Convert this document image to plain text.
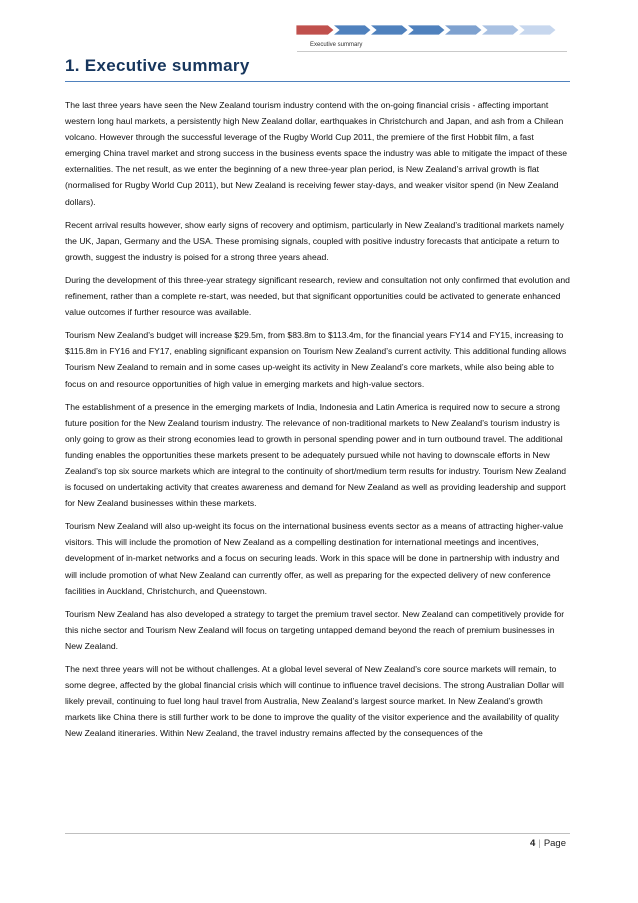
Executive summary
1. Executive summary

The last three years have seen the New Zealand tourism industry contend with the on-going financial crisis - affecting important western long haul markets, a persistently high New Zealand dollar, earthquakes in Christchurch and Japan, and ash from a Chilean volcano. However through the successful leverage of the Rugby World Cup 2011, the premiere of the first Hobbit film, a fast emerging China travel market and strong success in the business events space the industry was able to mitigate the impact of these externalities. The net result, as we enter the beginning of a new three-year plan period, is New Zealand’s arrival growth is flat (normalised for Rugby World Cup 2011), but New Zealand is receiving fewer stay-days, and weaker visitor spend (in New Zealand dollars).

Recent arrival results however, show early signs of recovery and optimism, particularly in New Zealand’s traditional markets namely the UK, Japan, Germany and the USA. These promising signals, coupled with positive industry forecasts that anticipate a return to growth, suggest the industry is poised for a strong three years ahead.

During the development of this three-year strategy significant research, review and consultation not only confirmed that evolution and refinement, rather than a complete re-start, was needed, but that significant opportunities could be activated to generate enhanced value outcomes if further resource was available.

Tourism New Zealand’s budget will increase $29.5m, from $83.8m to $113.4m, for the financial years FY14 and FY15, increasing to $115.8m in FY16 and FY17, enabling significant expansion on Tourism New Zealand’s current activity. This additional funding allows Tourism New Zealand to remain and in some cases up-weight its activity in New Zealand’s core markets, while also being able to focus on and resource opportunities of high value in emerging markets and high-value sectors.

The establishment of a presence in the emerging markets of India, Indonesia and Latin America is required now to secure a strong future position for the New Zealand tourism industry. The relevance of non-traditional markets to New Zealand’s tourism industry is only going to grow as their strong economies lead to growth in personal spending power and in turn outbound travel. The additional funding enables the opportunities these markets present to be adequately pursued while not having to downscale efforts in New Zealand’s top six source markets which are integral to the continuity of short/medium term results for industry. Tourism New Zealand is focused on undertaking activity that creates awareness and demand for New Zealand as well as providing leadership and support for New Zealand businesses within these markets.

Tourism New Zealand will also up-weight its focus on the international business events sector as a means of attracting higher-value visitors. This will include the promotion of New Zealand as a compelling destination for international meetings and incentives, development of in-market networks and a focus on securing leads. Work in this space will be done in partnership with industry and will include promotion of what New Zealand can currently offer, as well as preparing for the expected delivery of new conference facilities in Auckland, Christchurch, and Queenstown.

Tourism New Zealand has also developed a strategy to target the premium travel sector. New Zealand can competitively provide for this niche sector and Tourism New Zealand will focus on targeting untapped demand beyond the reach of premium businesses in New Zealand.

The next three years will not be without challenges. At a global level several of New Zealand’s core source markets will remain, to some degree, affected by the global financial crisis which will continue to influence travel decisions. The strong Australian Dollar will likely prevail, continuing to fuel long haul travel from Australia, New Zealand’s largest source market. In New Zealand’s growth markets like China there is still further work to be done to improve the quality of the visitor experience and the availability of quality New Zealand itineraries. Within New Zealand, the travel industry remains affected by the consequences of the

4 | Page
